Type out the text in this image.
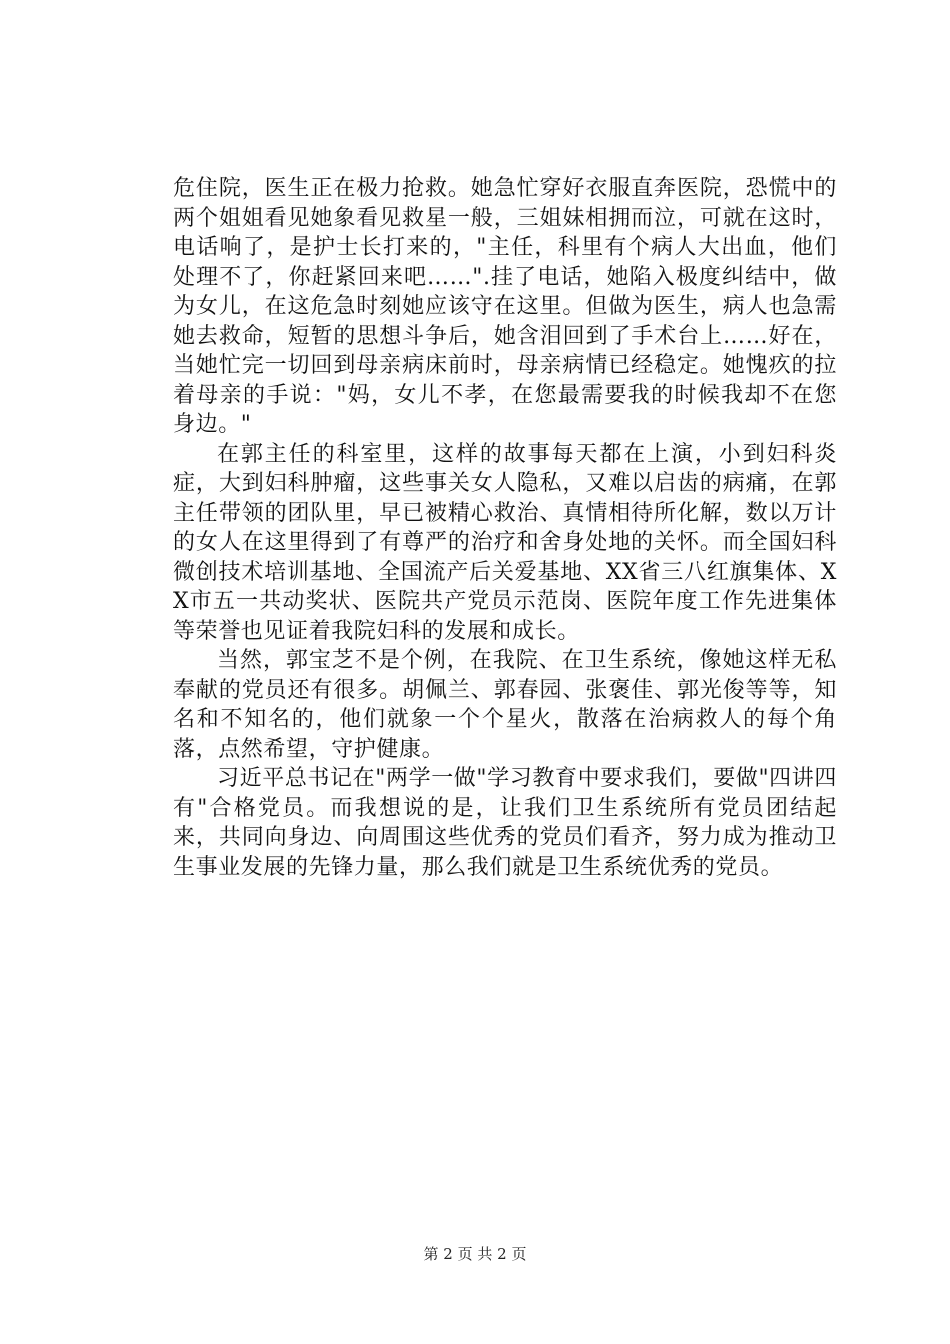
危住院，医生正在极力抢救。她急忙穿好衣服直奔医院，恐慌中的两个姐姐看见她象看见救星一般，三姐妹相拥而泣，可就在这时，电话响了，是护士长打来的，"主任，科里有个病人大出血，他们处理不了，你赶紧回来吧……".挂了电话，她陷入极度纠结中，做为女儿，在这危急时刻她应该守在这里。但做为医生，病人也急需她去救命，短暂的思想斗争后，她含泪回到了手术台上……好在，当她忙完一切回到母亲病床前时，母亲病情已经稳定。她愧疚的拉着母亲的手说："妈，女儿不孝，在您最需要我的时候我却不在您身边。"

在郭主任的科室里，这样的故事每天都在上演，小到妇科炎症，大到妇科肿瘤，这些事关女人隐私，又难以启齿的病痛，在郭主任带领的团队里，早已被精心救治、真情相待所化解，数以万计的女人在这里得到了有尊严的治疗和舍身处地的关怀。而全国妇科微创技术培训基地、全国流产后关爱基地、XX省三八红旗集体、XX市五一共动奖状、医院共产党员示范岗、医院年度工作先进集体等荣誉也见证着我院妇科的发展和成长。

当然，郭宝芝不是个例，在我院、在卫生系统，像她这样无私奉献的党员还有很多。胡佩兰、郭春园、张褒佳、郭光俊等等，知名和不知名的，他们就象一个个星火，散落在治病救人的每个角落，点然希望，守护健康。

习近平总书记在"两学一做"学习教育中要求我们，要做"四讲四有"合格党员。而我想说的是，让我们卫生系统所有党员团结起来，共同向身边、向周围这些优秀的党员们看齐，努力成为推动卫生事业发展的先锋力量，那么我们就是卫生系统优秀的党员。

第 2 页 共 2 页
